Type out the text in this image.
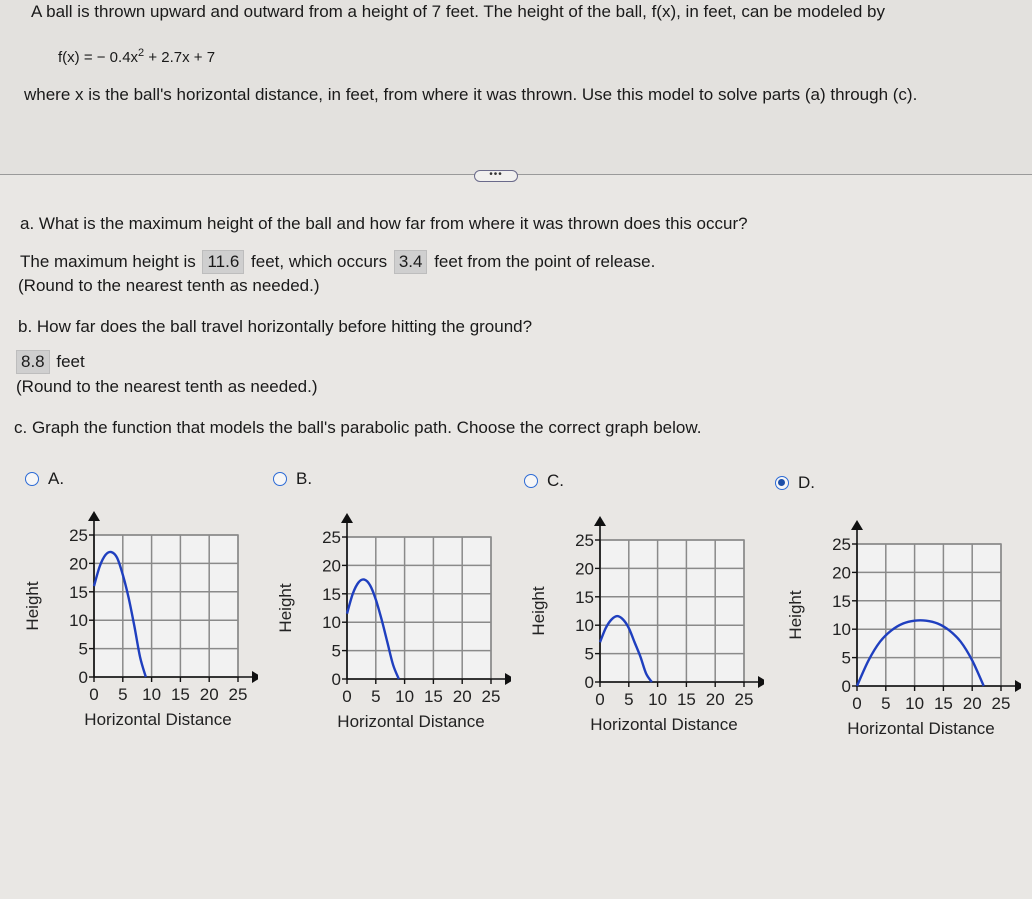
A ball is thrown upward and outward from a height of 7 feet. The height of the ball, f(x), in feet, can be modeled by
f(x) = − $0.4x^2 + 2.7x + 7$
where x is the ball's horizontal distance, in feet, from where it was thrown. Use this model to solve parts (a) through (c).
•••
a. What is the maximum height of the ball and how far from where it was thrown does this occur?
The maximum height is 11.6 feet, which occurs 3.4 feet from the point of release.
(Round to the nearest tenth as needed.)
b. How far does the ball travel horizontally before hitting the ground?
8.8 feet
(Round to the nearest tenth as needed.)
c. Graph the function that models the ball's parabolic path. Choose the correct graph below.
A.	B.	C.	D.
0
5
10
15
20
25
0 5 10 15 20 25
Horizontal Distance
Height
0
5
10
15
20
25
0 5 10 15 20 25
Horizontal Distance
Height
0
5
10
15
20
25
0 5 10 15 20 25
Horizontal Distance
Height
0
5
10
15
20
25
0 5 10 15 20 25
Horizontal Distance
Height
